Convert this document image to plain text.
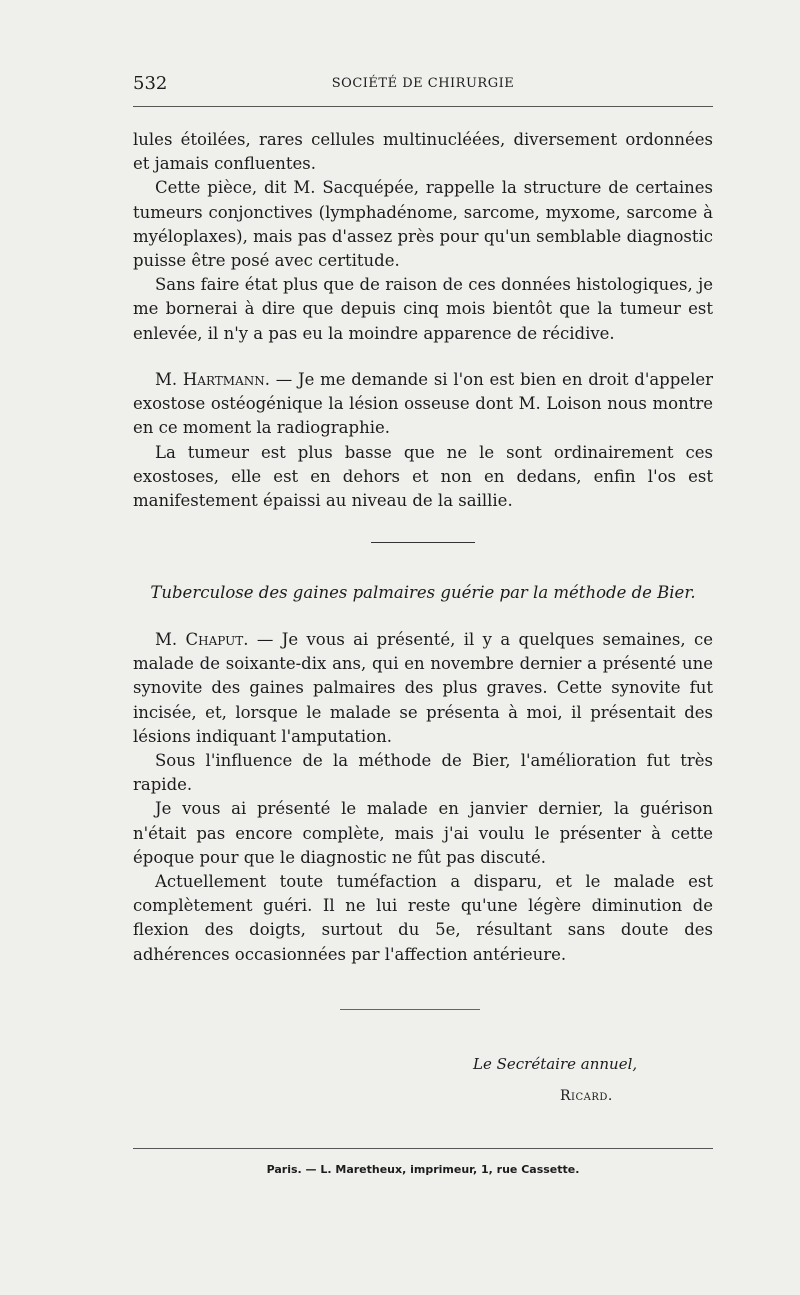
532	SOCIÉTÉ DE CHIRURGIE

lules étoilées, rares cellules multinucléées, diversement ordonnées et jamais confluentes.

Cette pièce, dit M. Sacquépée, rappelle la structure de certaines tumeurs conjonctives (lymphadénome, sarcome, myxome, sarcome à myéloplaxes), mais pas d'assez près pour qu'un semblable diagnostic puisse être posé avec certitude.

Sans faire état plus que de raison de ces données histologiques, je me bornerai à dire que depuis cinq mois bientôt que la tumeur est enlevée, il n'y a pas eu la moindre apparence de récidive.

M. Hartmann. — Je me demande si l'on est bien en droit d'appeler exostose ostéogénique la lésion osseuse dont M. Loison nous montre en ce moment la radiographie.

La tumeur est plus basse que ne le sont ordinairement ces exostoses, elle est en dehors et non en dedans, enfin l'os est manifestement épaissi au niveau de la saillie.

Tuberculose des gaines palmaires guérie par la méthode de Bier.

M. Chaput. — Je vous ai présenté, il y a quelques semaines, ce malade de soixante-dix ans, qui en novembre dernier a présenté une synovite des gaines palmaires des plus graves. Cette synovite fut incisée, et, lorsque le malade se présenta à moi, il présentait des lésions indiquant l'amputation.

Sous l'influence de la méthode de Bier, l'amélioration fut très rapide.

Je vous ai présenté le malade en janvier dernier, la guérison n'était pas encore complète, mais j'ai voulu le présenter à cette époque pour que le diagnostic ne fût pas discuté.

Actuellement toute tuméfaction a disparu, et le malade est complètement guéri. Il ne lui reste qu'une légère diminution de flexion des doigts, surtout du 5e, résultant sans doute des adhérences occasionnées par l'affection antérieure.

Le Secrétaire annuel,
Ricard.
Paris. — L. Maretheux, imprimeur, 1, rue Cassette.
